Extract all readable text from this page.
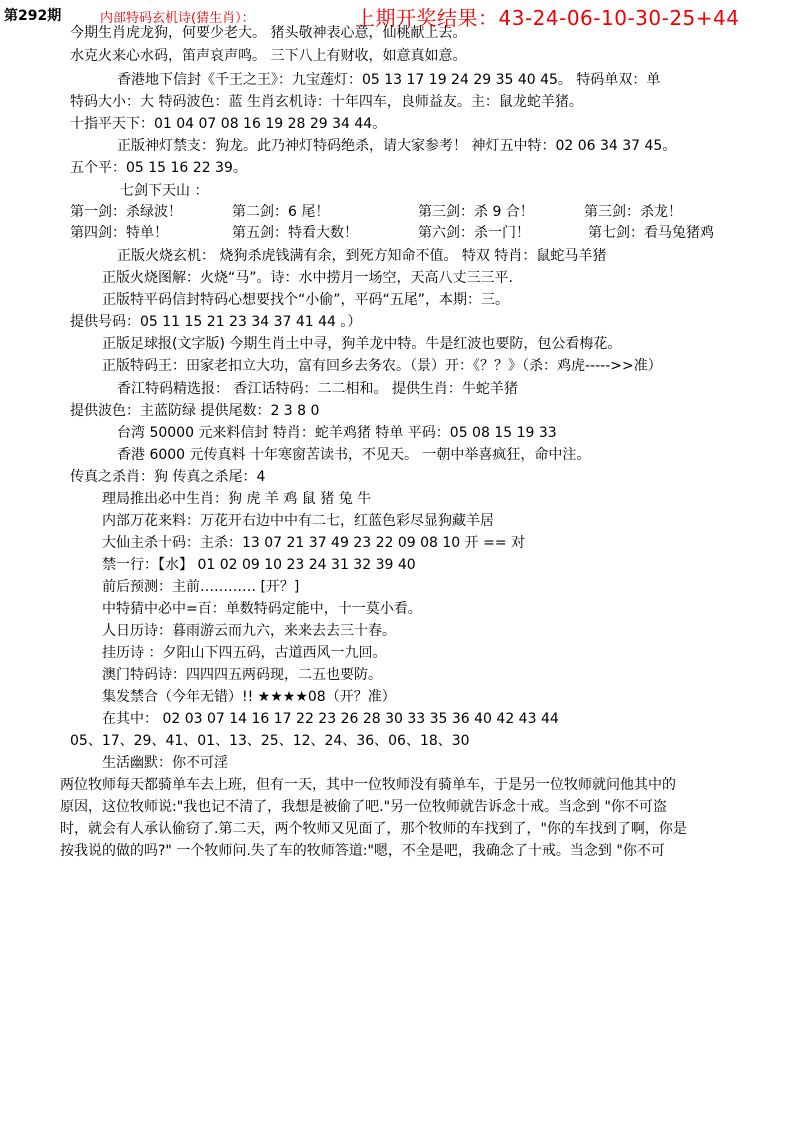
第292期	内部特码玄机诗(猜生肖）：	上期开奖结果：43-24-06-10-30-25+44
今期生肖虎龙狗，何要少老大。 猪头敬神表心意，仙桃献上去。
水克火来心水码，笛声哀声鸣。 三下八上有财收，如意真如意。
香港地下信封《千王之王》：九宝莲灯：05 13 17 19 24 29 35 40 45。 特码单双：单
特码大小：大 特码波色：蓝 生肖玄机诗：十年四车，良师益友。主：鼠龙蛇羊猪。
十指平天下：01 04 07 08 16 19 28 29 34 44。
正版神灯禁支：狗龙。此乃神灯特码绝杀，请大家参考！ 神灯五中特：02 06 34 37 45。
五个平：05 15 16 22 39。
七剑下天山 ：
第一剑：杀绿波！	第二剑：6 尾！	第三剑：杀 9 合！	第三剑：杀龙！
第四剑：特单！	第五剑：特看大数！	第六剑：杀一门！	第七剑：看马兔猪鸡
正版火烧玄机： 烧狗杀虎钱满有余，到死方知命不值。 特双 特肖：鼠蛇马羊猪
正版火烧图解：火烧“马”。诗：水中捞月一场空，天高八丈三三平.
正版特平码信封特码心想要找个“小偷”，平码“五尾”，本期：三。
提供号码：05 11 15 21 23 34 37 41 44 。）
正版足球报(文字版) 今期生肖土中寻，狗羊龙中特。牛是红波也要防，包公看梅花。
正版特码王：田家老扣立大功，富有回乡去务农。（景）开：《？？》（杀：鸡虎----->>准）
香江特码精选报： 香江话特码：二二相和。 提供生肖：牛蛇羊猪
提供波色：主蓝防绿 提供尾数：2 3 8 0
台湾 50000 元来料信封 特肖：蛇羊鸡猪 特单 平码：05 08 15 19 33
香港 6000 元传真料 十年寒窗苦读书，不见天。 一朝中举喜疯狂，命中注。
传真之杀肖：狗 传真之杀尾：4
理局推出必中生肖：狗 虎 羊 鸡 鼠 猪 兔 牛
内部万花来料：万花开右边中中有二七，红蓝色彩尽显狗藏羊居
大仙主杀十码：主杀：13 07 21 37 49 23 22 09 08 10 开 == 对
禁一行：【水】 01 02 09 10 23 24 31 32 39 40
前后预测：主前………… [开？]
中特猜中必中=百：单数特码定能中，十一莫小看。
人日历诗：暮雨游云而九六，来来去去三十春。
挂历诗 ：夕阳山下四五码，古道西风一九回。
澳门特码诗：四四四五两码现，二五也要防。
集发禁合（今年无错）!! ★★★★08（开？准）
在其中： 02 03 07 14 16 17 22 23 26 28 30 33 35 36 40 42 43 44
05、17、29、41、01、13、25、12、24、36、06、18、30
生活幽默：你不可淫
两位牧师每天都骑单车去上班，但有一天，其中一位牧师没有骑单车，于是另一位牧师就问他其中的
原因，这位牧师说:"我也记不清了，我想是被偷了吧."另一位牧师就告诉念十戒。当念到 "你不可盗
时，就会有人承认偷窃了.第二天，两个牧师又见面了，那个牧师的车找到了，"你的车找到了啊，你是
按我说的做的吗?" 一个牧师问.失了车的牧师答道:"嗯，不全是吧，我确念了十戒。当念到 "你不可
